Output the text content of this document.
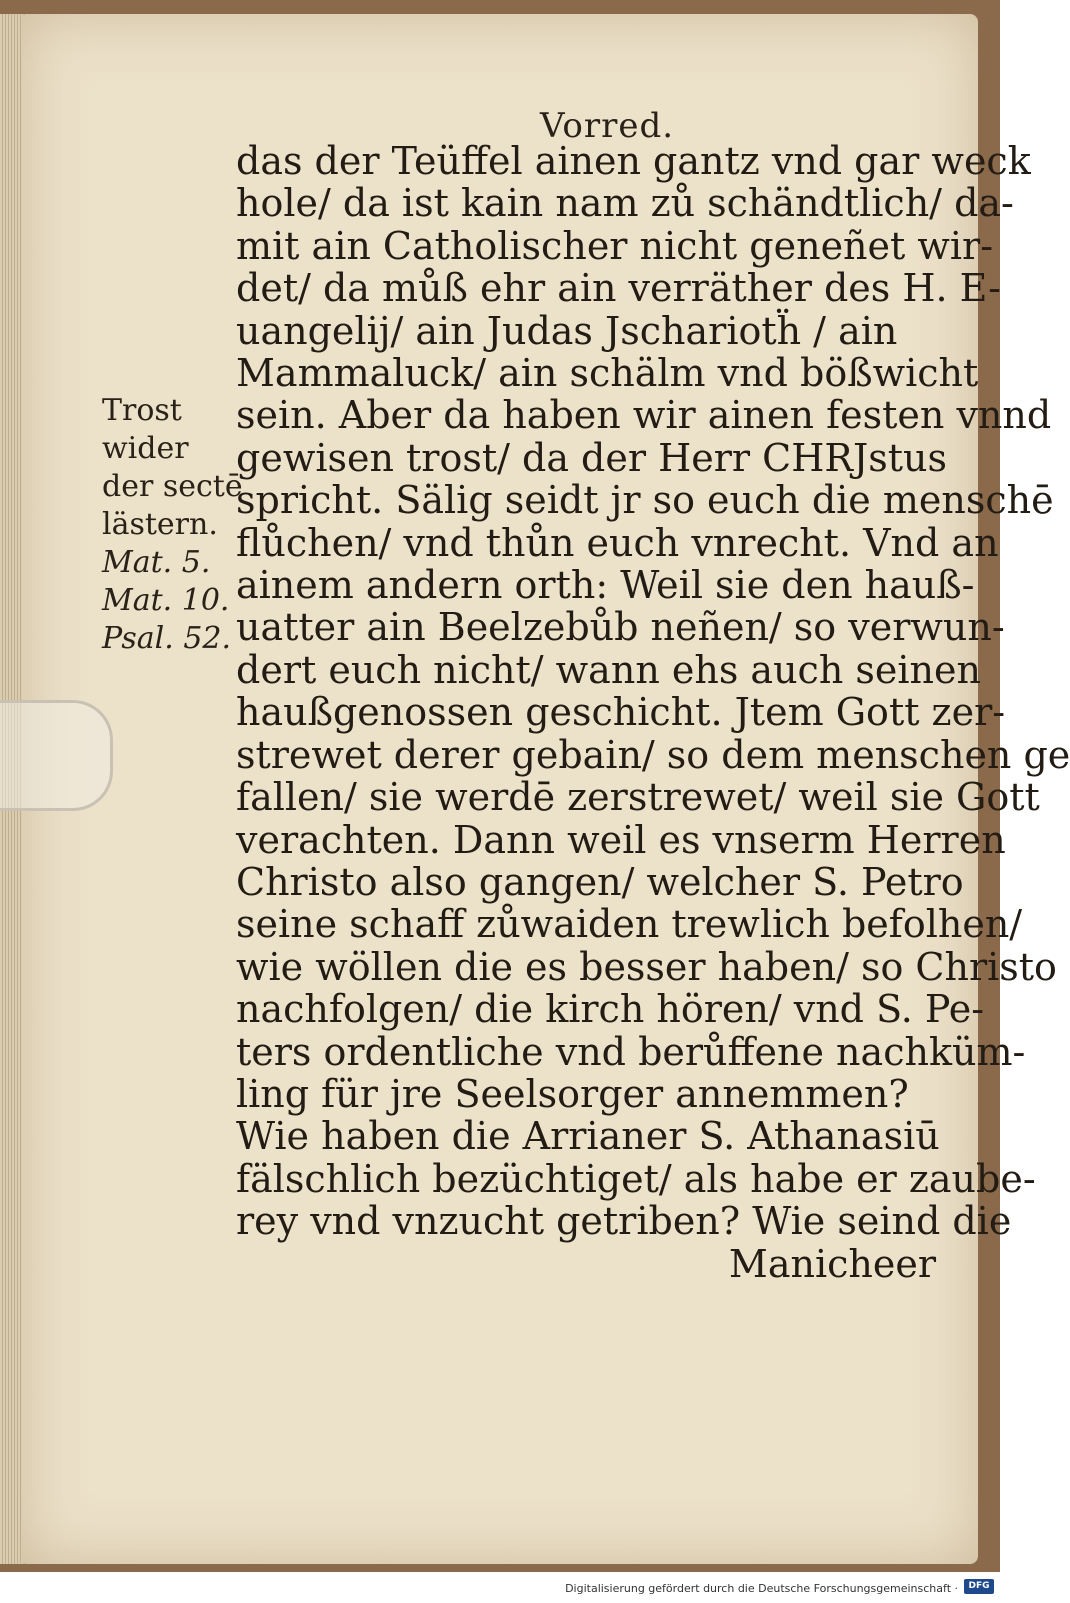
Vorred.
Trost
wider
der sectē
lästern.
Mat. 5.
Mat. 10.
Psal. 52.
das der Teüffel ainen gantz vnd gar weck
hole/ da ist kain nam zů schändtlich/ da-
mit ain Catholischer nicht geneñet wir-
det/ da můß ehr ain verräther des H. E-
uangelij/ ain Judas Jschariotḧ / ain
Mammaluck/ ain schälm vnd bößwicht
sein. Aber da haben wir ainen festen vnnd
gewisen trost/ da der Herr CHRJstus
spricht. Sälig seidt jr so euch die menschē
flůchen/ vnd thůn euch vnrecht. Vnd an
ainem andern orth: Weil sie den hauß-
uatter ain Beelzebůb neñen/ so verwun-
dert euch nicht/ wann ehs auch seinen
haußgenossen geschicht. Jtem Gott zer-
strewet derer gebain/ so dem menschen ge
fallen/ sie werdē zerstrewet/ weil sie Gott
verachten. Dann weil es vnserm Herren
Christo also gangen/ welcher S. Petro
seine schaff zůwaiden trewlich befolhen/
wie wöllen die es besser haben/ so Christo
nachfolgen/ die kirch hören/ vnd S. Pe-
ters ordentliche vnd berůffene nachküm-
ling für jre Seelsorger annemmen?
Wie haben die Arrianer S. Athanasiū
fälschlich bezüchtiget/ als habe er zaube-
rey vnd vnzucht getriben? Wie seind die
Manicheer
Digitalisierung gefördert durch die Deutsche Forschungsgemeinschaft ·	DFG
